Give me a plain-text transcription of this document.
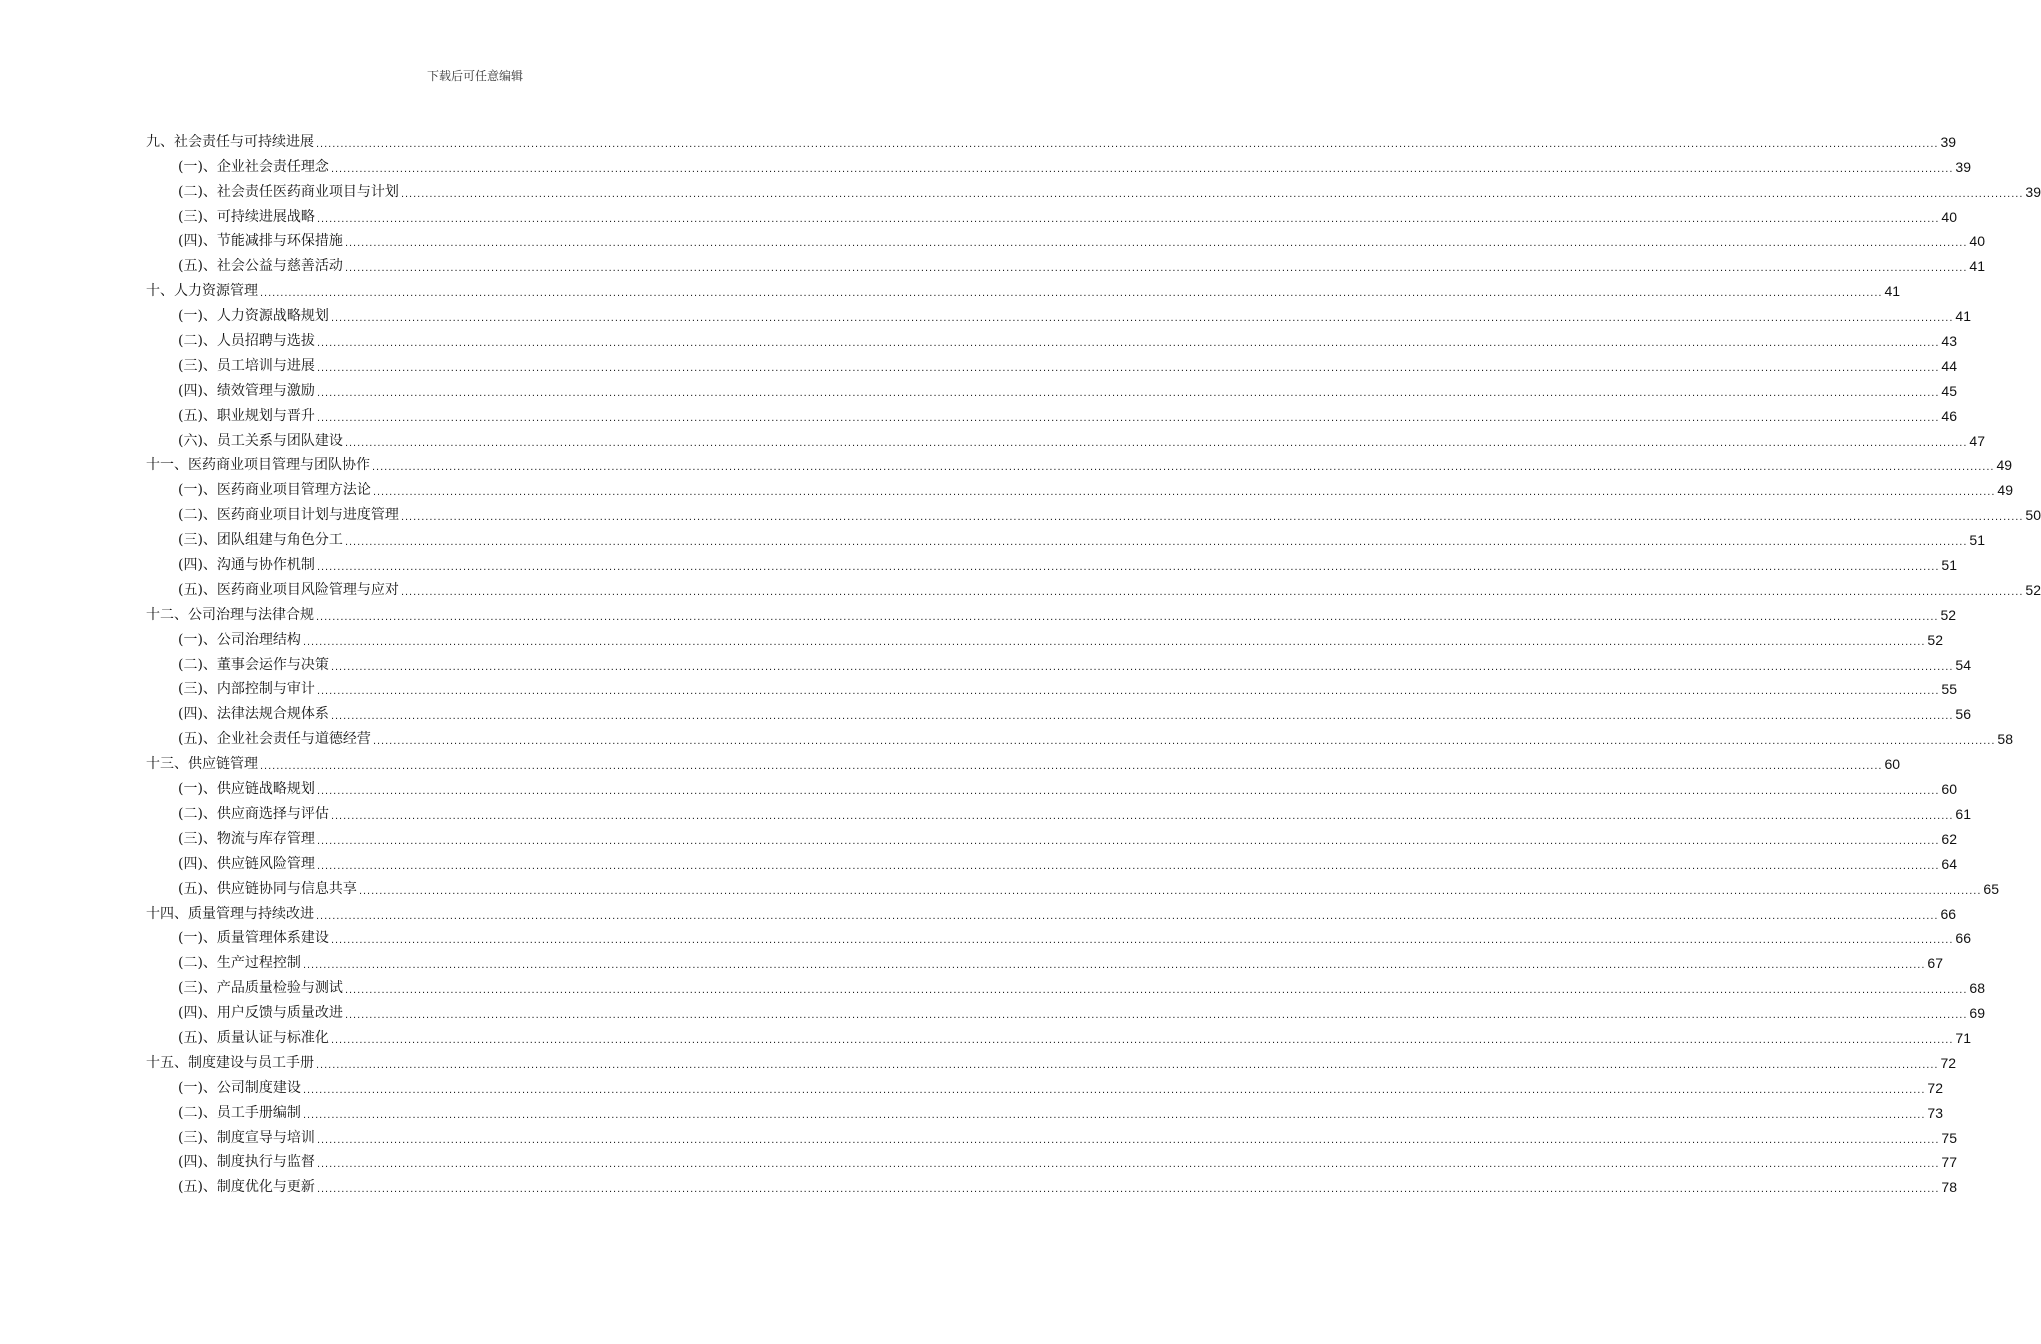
下载后可任意编辑
九、社会责任与可持续进展 ................................................................................................................................................................................................................................................................................................................................................................................................................ 39
(一)、企业社会责任理念 ................................................................................................................................................................................................................................................................................................................................................................................................................ 39
(二)、社会责任医药商业项目与计划 ................................................................................................................................................................................................................................................................................................................................................................................................................ 39
(三)、可持续进展战略 ................................................................................................................................................................................................................................................................................................................................................................................................................ 40
(四)、节能减排与环保措施 ................................................................................................................................................................................................................................................................................................................................................................................................................ 40
(五)、社会公益与慈善活动 ................................................................................................................................................................................................................................................................................................................................................................................................................ 41
十、人力资源管理 ................................................................................................................................................................................................................................................................................................................................................................................................................ 41
(一)、人力资源战略规划 ................................................................................................................................................................................................................................................................................................................................................................................................................ 41
(二)、人员招聘与选拔 ................................................................................................................................................................................................................................................................................................................................................................................................................ 43
(三)、员工培训与进展 ................................................................................................................................................................................................................................................................................................................................................................................................................ 44
(四)、绩效管理与激励 ................................................................................................................................................................................................................................................................................................................................................................................................................ 45
(五)、职业规划与晋升 ................................................................................................................................................................................................................................................................................................................................................................................................................ 46
(六)、员工关系与团队建设 ................................................................................................................................................................................................................................................................................................................................................................................................................ 47
十一、医药商业项目管理与团队协作 ................................................................................................................................................................................................................................................................................................................................................................................................................ 49
(一)、医药商业项目管理方法论 ................................................................................................................................................................................................................................................................................................................................................................................................................ 49
(二)、医药商业项目计划与进度管理 ................................................................................................................................................................................................................................................................................................................................................................................................................ 50
(三)、团队组建与角色分工 ................................................................................................................................................................................................................................................................................................................................................................................................................ 51
(四)、沟通与协作机制 ................................................................................................................................................................................................................................................................................................................................................................................................................ 51
(五)、医药商业项目风险管理与应对 ................................................................................................................................................................................................................................................................................................................................................................................................................ 52
十二、公司治理与法律合规 ................................................................................................................................................................................................................................................................................................................................................................................................................ 52
(一)、公司治理结构 ................................................................................................................................................................................................................................................................................................................................................................................................................ 52
(二)、董事会运作与决策 ................................................................................................................................................................................................................................................................................................................................................................................................................ 54
(三)、内部控制与审计 ................................................................................................................................................................................................................................................................................................................................................................................................................ 55
(四)、法律法规合规体系 ................................................................................................................................................................................................................................................................................................................................................................................................................ 56
(五)、企业社会责任与道德经营 ................................................................................................................................................................................................................................................................................................................................................................................................................ 58
十三、供应链管理 ................................................................................................................................................................................................................................................................................................................................................................................................................ 60
(一)、供应链战略规划 ................................................................................................................................................................................................................................................................................................................................................................................................................ 60
(二)、供应商选择与评估 ................................................................................................................................................................................................................................................................................................................................................................................................................ 61
(三)、物流与库存管理 ................................................................................................................................................................................................................................................................................................................................................................................................................ 62
(四)、供应链风险管理 ................................................................................................................................................................................................................................................................................................................................................................................................................ 64
(五)、供应链协同与信息共享 ................................................................................................................................................................................................................................................................................................................................................................................................................ 65
十四、质量管理与持续改进 ................................................................................................................................................................................................................................................................................................................................................................................................................ 66
(一)、质量管理体系建设 ................................................................................................................................................................................................................................................................................................................................................................................................................ 66
(二)、生产过程控制 ................................................................................................................................................................................................................................................................................................................................................................................................................ 67
(三)、产品质量检验与测试 ................................................................................................................................................................................................................................................................................................................................................................................................................ 68
(四)、用户反馈与质量改进 ................................................................................................................................................................................................................................................................................................................................................................................................................ 69
(五)、质量认证与标准化 ................................................................................................................................................................................................................................................................................................................................................................................................................ 71
十五、制度建设与员工手册 ................................................................................................................................................................................................................................................................................................................................................................................................................ 72
(一)、公司制度建设 ................................................................................................................................................................................................................................................................................................................................................................................................................ 72
(二)、员工手册编制 ................................................................................................................................................................................................................................................................................................................................................................................................................ 73
(三)、制度宣导与培训 ................................................................................................................................................................................................................................................................................................................................................................................................................ 75
(四)、制度执行与监督 ................................................................................................................................................................................................................................................................................................................................................................................................................ 77
(五)、制度优化与更新 ................................................................................................................................................................................................................................................................................................................................................................................................................ 78
